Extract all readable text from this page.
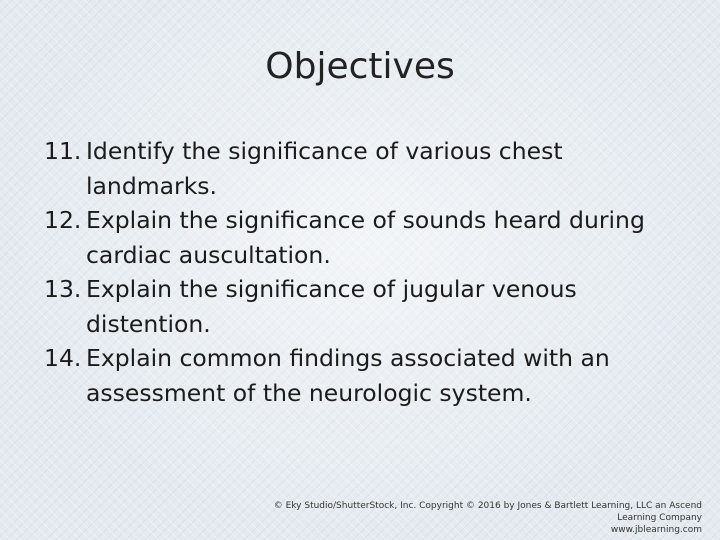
Objectives
11. Identify the significance of various chest landmarks.
12. Explain the significance of sounds heard during cardiac auscultation.
13. Explain the significance of jugular venous distention.
14. Explain common findings associated with an assessment of the neurologic system.
© Eky Studio/ShutterStock, Inc. Copyright © 2016 by Jones & Bartlett Learning, LLC an Ascend Learning Company
www.jblearning.com
